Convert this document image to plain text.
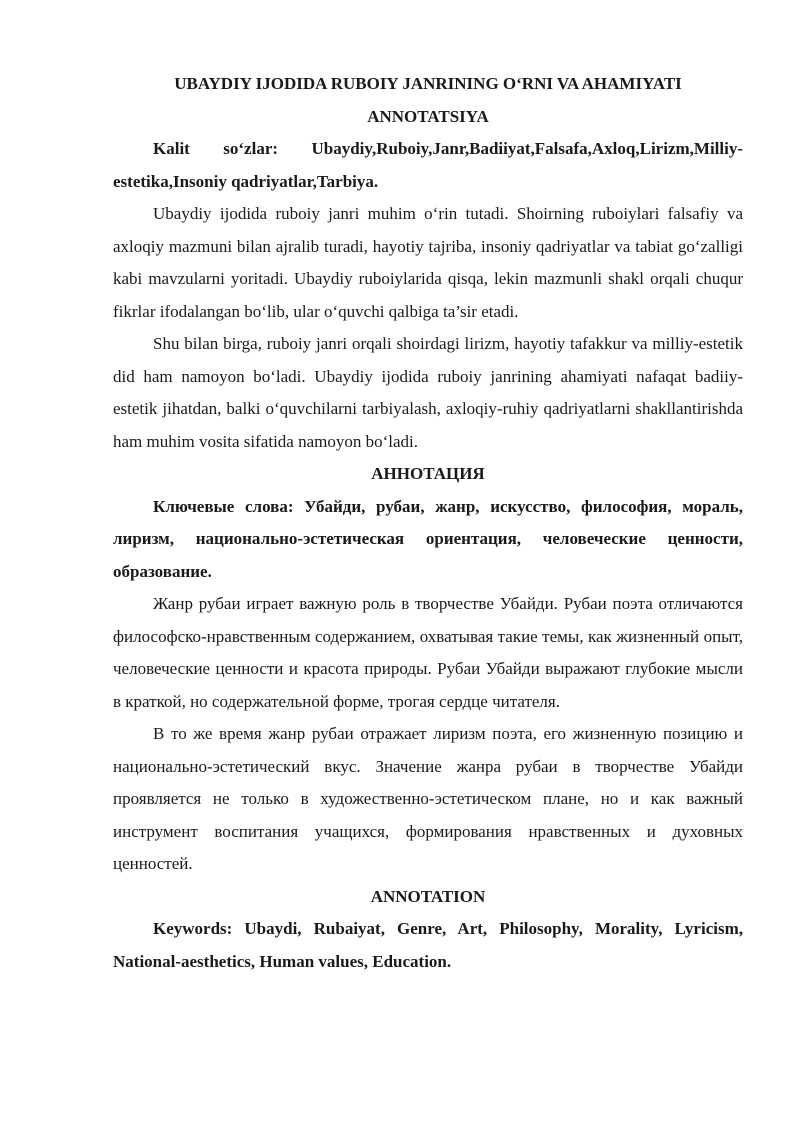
UBAYDIY IJODIDA RUBOIY JANRINING O‘RNI VA AHAMIYATI

ANNOTATSIYA

Kalit so‘zlar: Ubaydiy,Ruboiy,Janr,Badiiyat,Falsafa,Axloq,Lirizm,Milliy-estetika,Insoniy qadriyatlar,Tarbiya.

Ubaydiy ijodida ruboiy janri muhim o‘rin tutadi. Shoirning ruboiylari falsafiy va axloqiy mazmuni bilan ajralib turadi, hayotiy tajriba, insoniy qadriyatlar va tabiat go‘zalligi kabi mavzularni yoritadi. Ubaydiy ruboiylarida qisqa, lekin mazmunli shakl orqali chuqur fikrlar ifodalangan bo‘lib, ular o‘quvchi qalbiga ta’sir etadi.

Shu bilan birga, ruboiy janri orqali shoirdagi lirizm, hayotiy tafakkur va milliy-estetik did ham namoyon bo‘ladi. Ubaydiy ijodida ruboiy janrining ahamiyati nafaqat badiiy-estetik jihatdan, balki o‘quvchilarni tarbiyalash, axloqiy-ruhiy qadriyatlarni shakllantirishda ham muhim vosita sifatida namoyon bo‘ladi.

АННОТАЦИЯ

Ключевые слова: Убайди, рубаи, жанр, искусство, философия, мораль, лиризм, национально-эстетическая ориентация, человеческие ценности, образование.

Жанр рубаи играет важную роль в творчестве Убайди. Рубаи поэта отличаются философско-нравственным содержанием, охватывая такие темы, как жизненный опыт, человеческие ценности и красота природы. Рубаи Убайди выражают глубокие мысли в краткой, но содержательной форме, трогая сердце читателя.

В то же время жанр рубаи отражает лиризм поэта, его жизненную позицию и национально-эстетический вкус. Значение жанра рубаи в творчестве Убайди проявляется не только в художественно-эстетическом плане, но и как важный инструмент воспитания учащихся, формирования нравственных и духовных ценностей.

ANNOTATION

Keywords: Ubaydi, Rubaiyat, Genre, Art, Philosophy, Morality, Lyricism, National-aesthetics, Human values, Education.
